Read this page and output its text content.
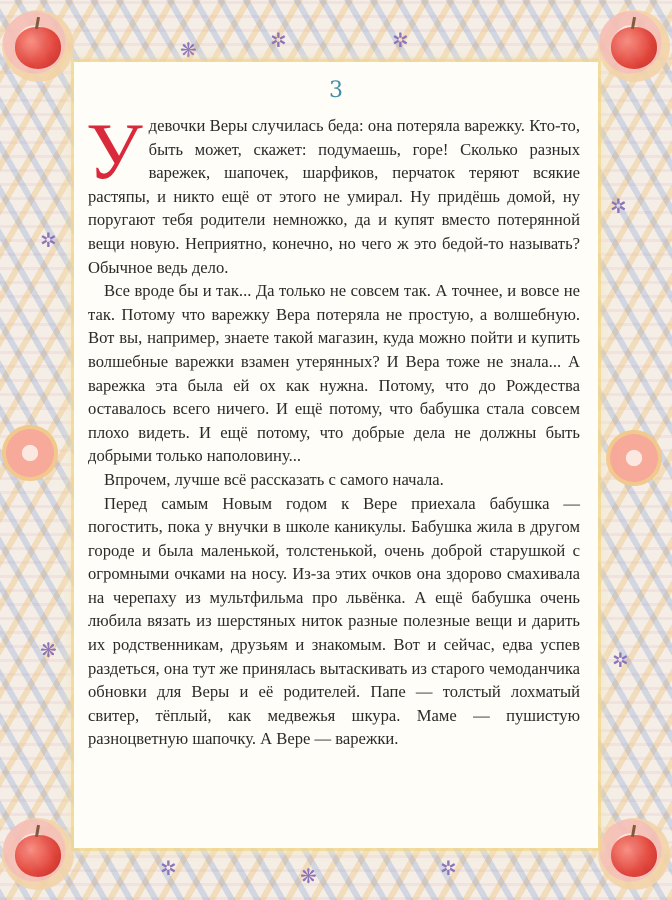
❋	✲	✲
✲
✲
❋	✲
✲	❋	✲
3

У девочки Веры случилась беда: она потеряла варежку. Кто-то, быть может, скажет: подумаешь, горе! Сколько разных варежек, шапочек, шарфиков, перчаток теряют всякие растяпы, и никто ещё от этого не умирал. Ну придёшь домой, ну поругают тебя родители немножко, да и купят вместо потерянной вещи новую. Неприятно, конечно, но чего ж это бедой-то называть? Обычное ведь дело.

Все вроде бы и так... Да только не совсем так. А точнее, и вовсе не так. Потому что варежку Вера потеряла не простую, а волшебную. Вот вы, например, знаете такой магазин, куда можно пойти и купить волшебные варежки взамен утерянных? И Вера тоже не знала... А варежка эта была ей ох как нужна. Потому, что до Рождества оставалось всего ничего. И ещё потому, что бабушка стала совсем плохо видеть. И ещё потому, что добрые дела не должны быть добрыми только наполовину...

Впрочем, лучше всё рассказать с самого начала.

Перед самым Новым годом к Вере приехала бабушка — погостить, пока у внучки в школе каникулы. Бабушка жила в другом городе и была маленькой, толстенькой, очень доброй старушкой с огромными очками на носу. Из-за этих очков она здорово смахивала на черепаху из мультфильма про львёнка. А ещё бабушка очень любила вязать из шерстяных ниток разные полезные вещи и дарить их родственникам, друзьям и знакомым. Вот и сейчас, едва успев раздеться, она тут же принялась вытаскивать из старого чемоданчика обновки для Веры и её родителей. Папе — толстый лохматый свитер, тёплый, как медвежья шкура. Маме — пушистую разноцветную шапочку. А Вере — варежки.
